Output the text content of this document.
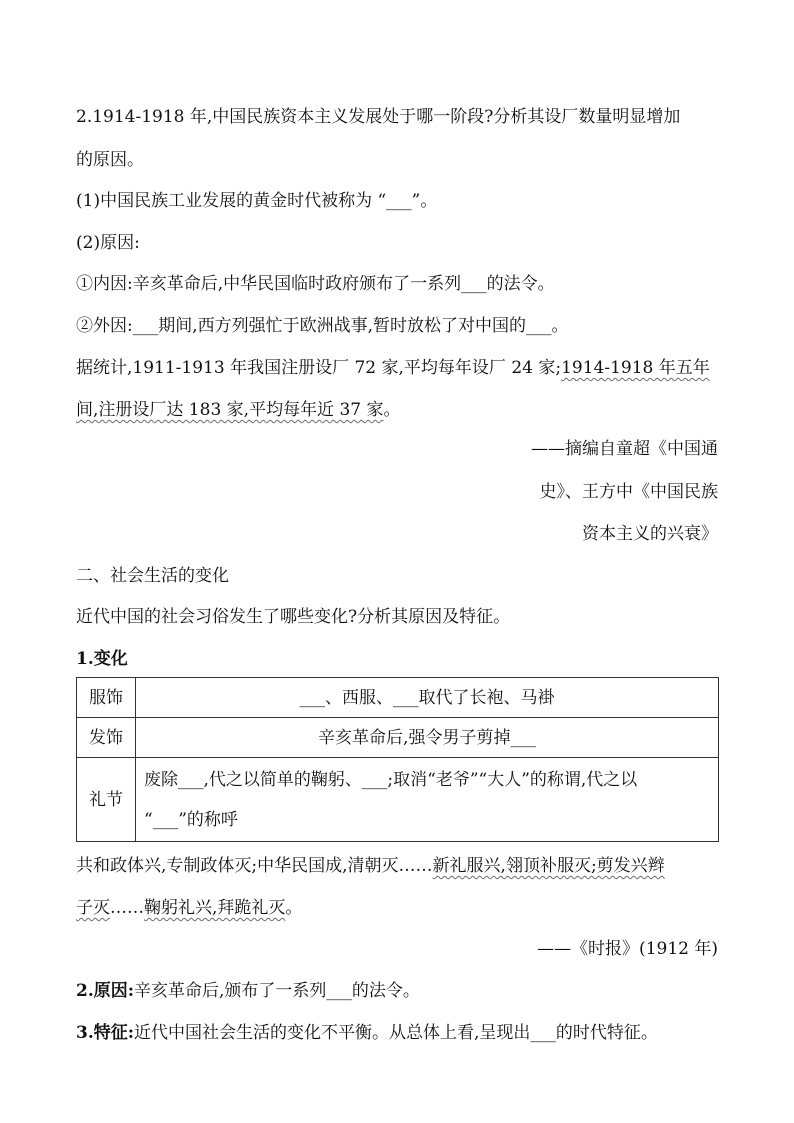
2.1914-1918 年,中国民族资本主义发展处于哪一阶段?分析其设厂数量明显增加
的原因。
(1)中国民族工业发展的黄金时代被称为 “___”。
(2)原因:
①内因:辛亥革命后,中华民国临时政府颁布了一系列___的法令。
②外因:___期间,西方列强忙于欧洲战事,暂时放松了对中国的___。
据统计,1911-1913 年我国注册设厂 72 家,平均每年设厂 24 家;1914-1918 年五年
间,注册设厂达 183 家,平均每年近 37 家。
——摘编自童超《中国通
史》、王方中《中国民族
资本主义的兴衰》
二、社会生活的变化
近代中国的社会习俗发生了哪些变化?分析其原因及特征。
1.变化
服饰	___、西服、___取代了长袍、马褂
发饰	辛亥革命后,强令男子剪掉___
礼节	废除___,代之以简单的鞠躬、___;取消“老爷”“大人”的称谓,代之以
“___”的称呼
共和政体兴,专制政体灭;中华民国成,清朝灭……新礼服兴,翎顶补服灭;剪发兴辫
子灭……鞠躬礼兴,拜跪礼灭。
——《时报》(1912 年)
2.原因:辛亥革命后,颁布了一系列___的法令。
3.特征:近代中国社会生活的变化不平衡。从总体上看,呈现出___的时代特征。
